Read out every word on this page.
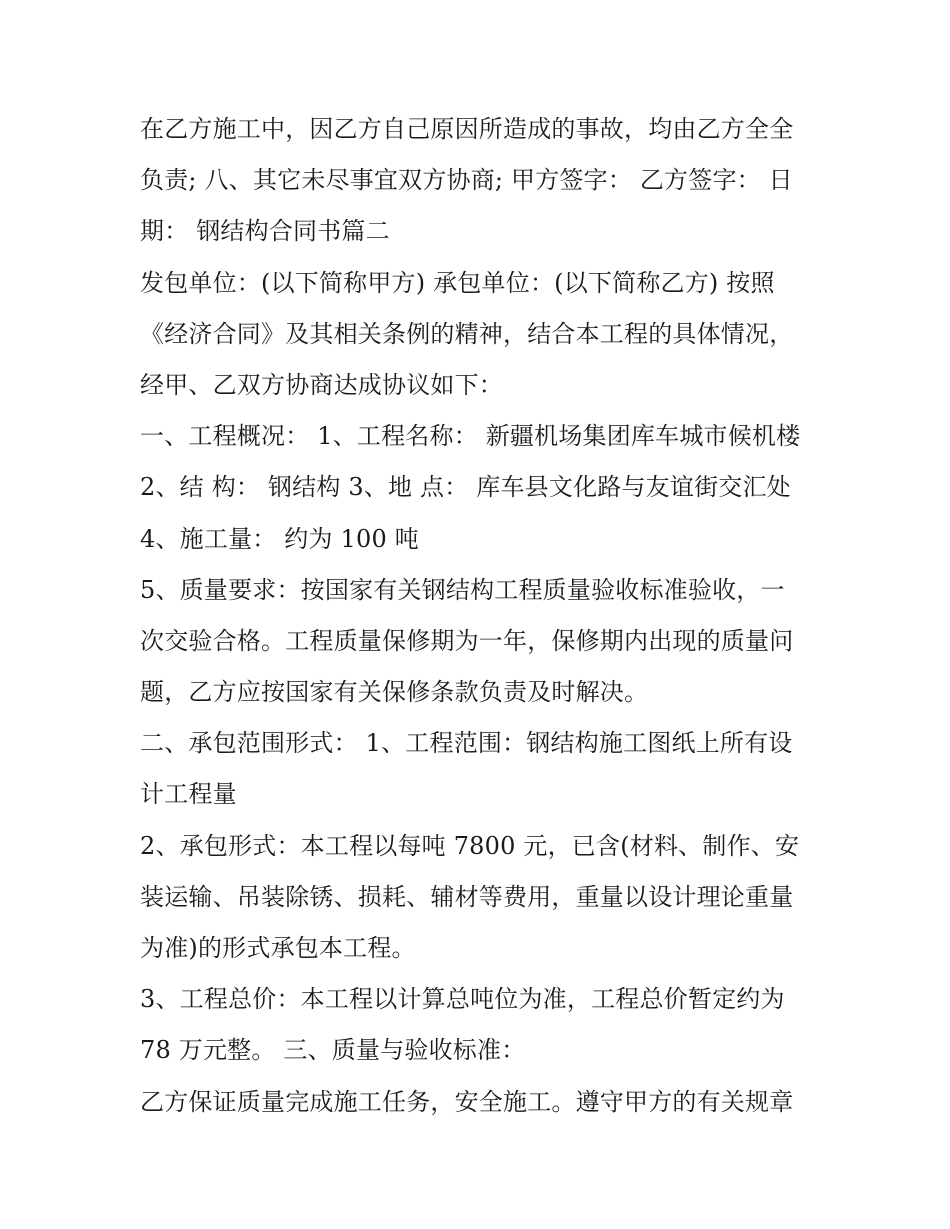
在乙方施工中，因乙方自己原因所造成的事故，均由乙方全全
负责; 八、其它未尽事宜双方协商; 甲方签字： 乙方签字： 日
期： 钢结构合同书篇二
发包单位：(以下简称甲方) 承包单位：(以下简称乙方) 按照
《经济合同》及其相关条例的精神，结合本工程的具体情况，
经甲、乙双方协商达成协议如下：
一、工程概况： 1、工程名称： 新疆机场集团库车城市候机楼
2、结 构： 钢结构 3、地 点： 库车县文化路与友谊街交汇处
4、施工量： 约为 100 吨
5、质量要求：按国家有关钢结构工程质量验收标准验收，一
次交验合格。工程质量保修期为一年，保修期内出现的质量问
题，乙方应按国家有关保修条款负责及时解决。
二、承包范围形式： 1、工程范围：钢结构施工图纸上所有设
计工程量
2、承包形式：本工程以每吨 7800 元，已含(材料、制作、安
装运输、吊装除锈、损耗、辅材等费用，重量以设计理论重量
为准)的形式承包本工程。
3、工程总价：本工程以计算总吨位为准，工程总价暂定约为
78 万元整。 三、质量与验收标准：
乙方保证质量完成施工任务，安全施工。遵守甲方的有关规章
